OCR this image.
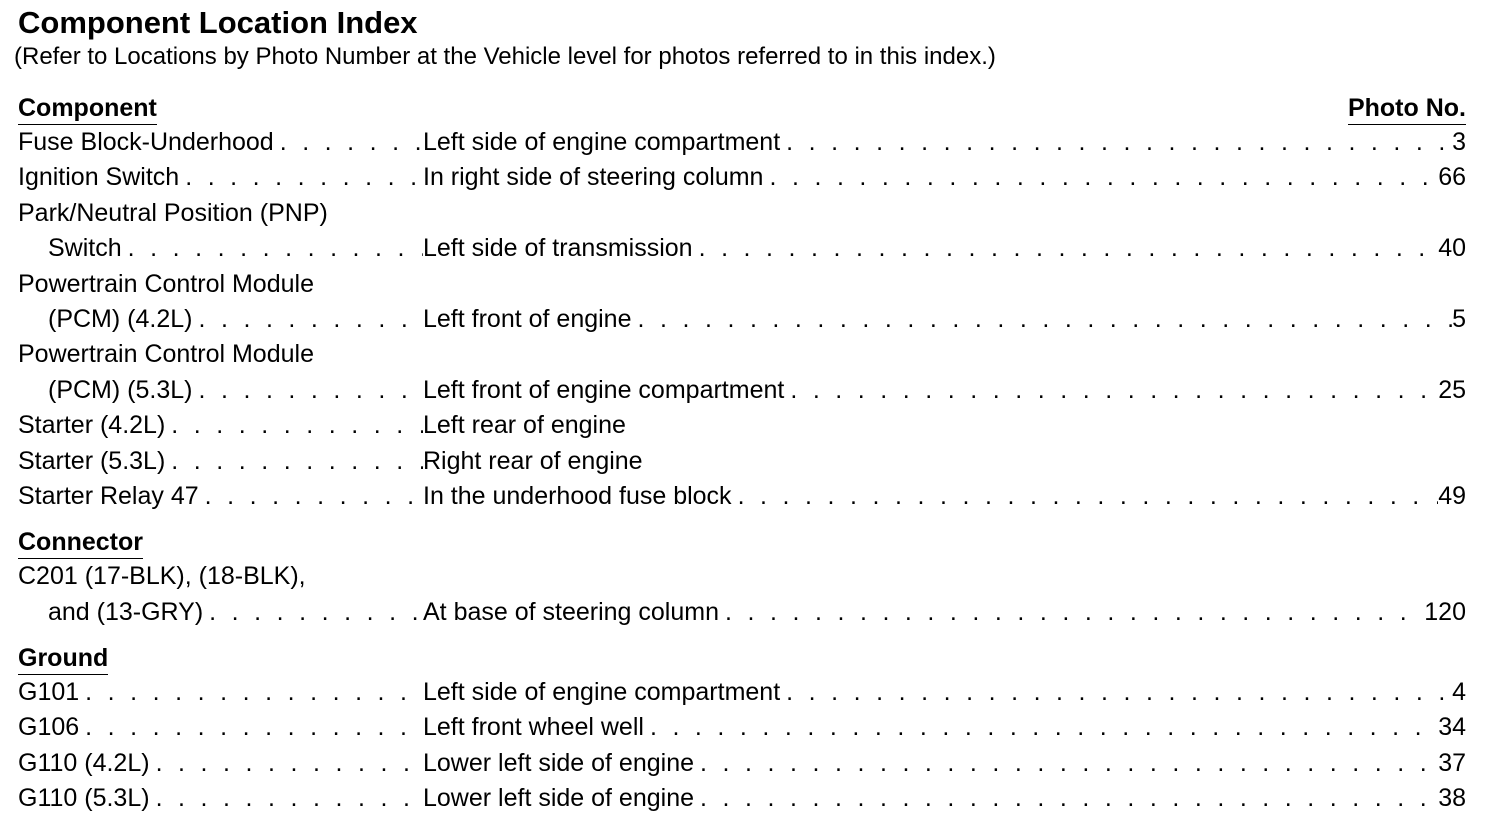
Component Location Index
(Refer to Locations by Photo Number at the Vehicle level for photos referred to in this index.)
Component	Photo No.
Fuse Block-Underhood . . .	Left side of engine compartment . . .	3
Ignition Switch . . .	In right side of steering column . . .	66
Park/Neutral Position (PNP)
Switch . . .	Left side of transmission . . .	40
Powertrain Control Module
(PCM) (4.2L) . . .	Left front of engine . . .	5
Powertrain Control Module
(PCM) (5.3L) . . .	Left front of engine compartment . . .	25
Starter (4.2L) . . .	Left rear of engine
Starter (5.3L) . . .	Right rear of engine
Starter Relay 47 . . .	In the underhood fuse block . . .	49
Connector
C201 (17-BLK), (18-BLK),
and (13-GRY) . . .	At base of steering column . . .	120
Ground
G101 . . .	Left side of engine compartment . . .	4
G106 . . .	Left front wheel well . . .	34
G110 (4.2L) . . .	Lower left side of engine . . .	37
G110 (5.3L) . . .	Lower left side of engine . . .	38
